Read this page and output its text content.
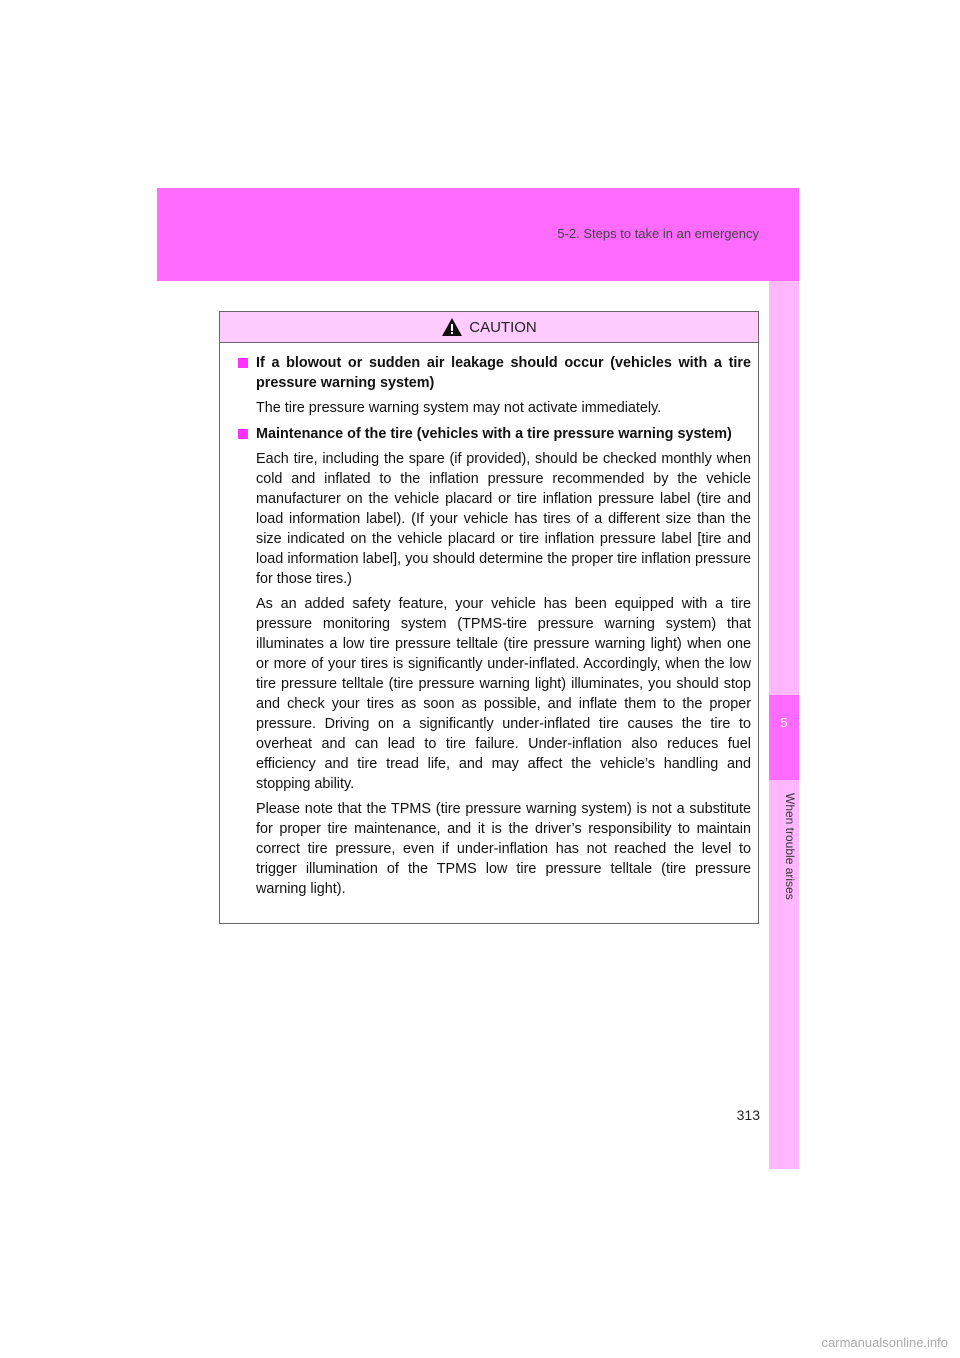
5-2. Steps to take in an emergency
5
When trouble arises
CAUTION
If a blowout or sudden air leakage should occur (vehicles with a tire pressure warning system)
The tire pressure warning system may not activate immediately.
Maintenance of the tire (vehicles with a tire pressure warning system)
Each tire, including the spare (if provided), should be checked monthly when cold and inflated to the inflation pressure recommended by the vehicle manufacturer on the vehicle placard or tire inflation pressure label (tire and load information label). (If your vehicle has tires of a different size than the size indicated on the vehicle placard or tire inflation pressure label [tire and load information label], you should determine the proper tire inflation pressure for those tires.)
As an added safety feature, your vehicle has been equipped with a tire pressure monitoring system (TPMS-tire pressure warning system) that illuminates a low tire pressure telltale (tire pressure warning light) when one or more of your tires is significantly under-inflated. Accordingly, when the low tire pressure telltale (tire pressure warning light) illuminates, you should stop and check your tires as soon as possible, and inflate them to the proper pressure. Driving on a significantly under-inflated tire causes the tire to overheat and can lead to tire failure. Under-inflation also reduces fuel efficiency and tire tread life, and may affect the vehicle’s handling and stopping ability.
Please note that the TPMS (tire pressure warning system) is not a substitute for proper tire maintenance, and it is the driver’s responsibility to maintain correct tire pressure, even if under-inflation has not reached the level to trigger illumination of the TPMS low tire pressure telltale (tire pressure warning light).
313
carmanualsonline.info
